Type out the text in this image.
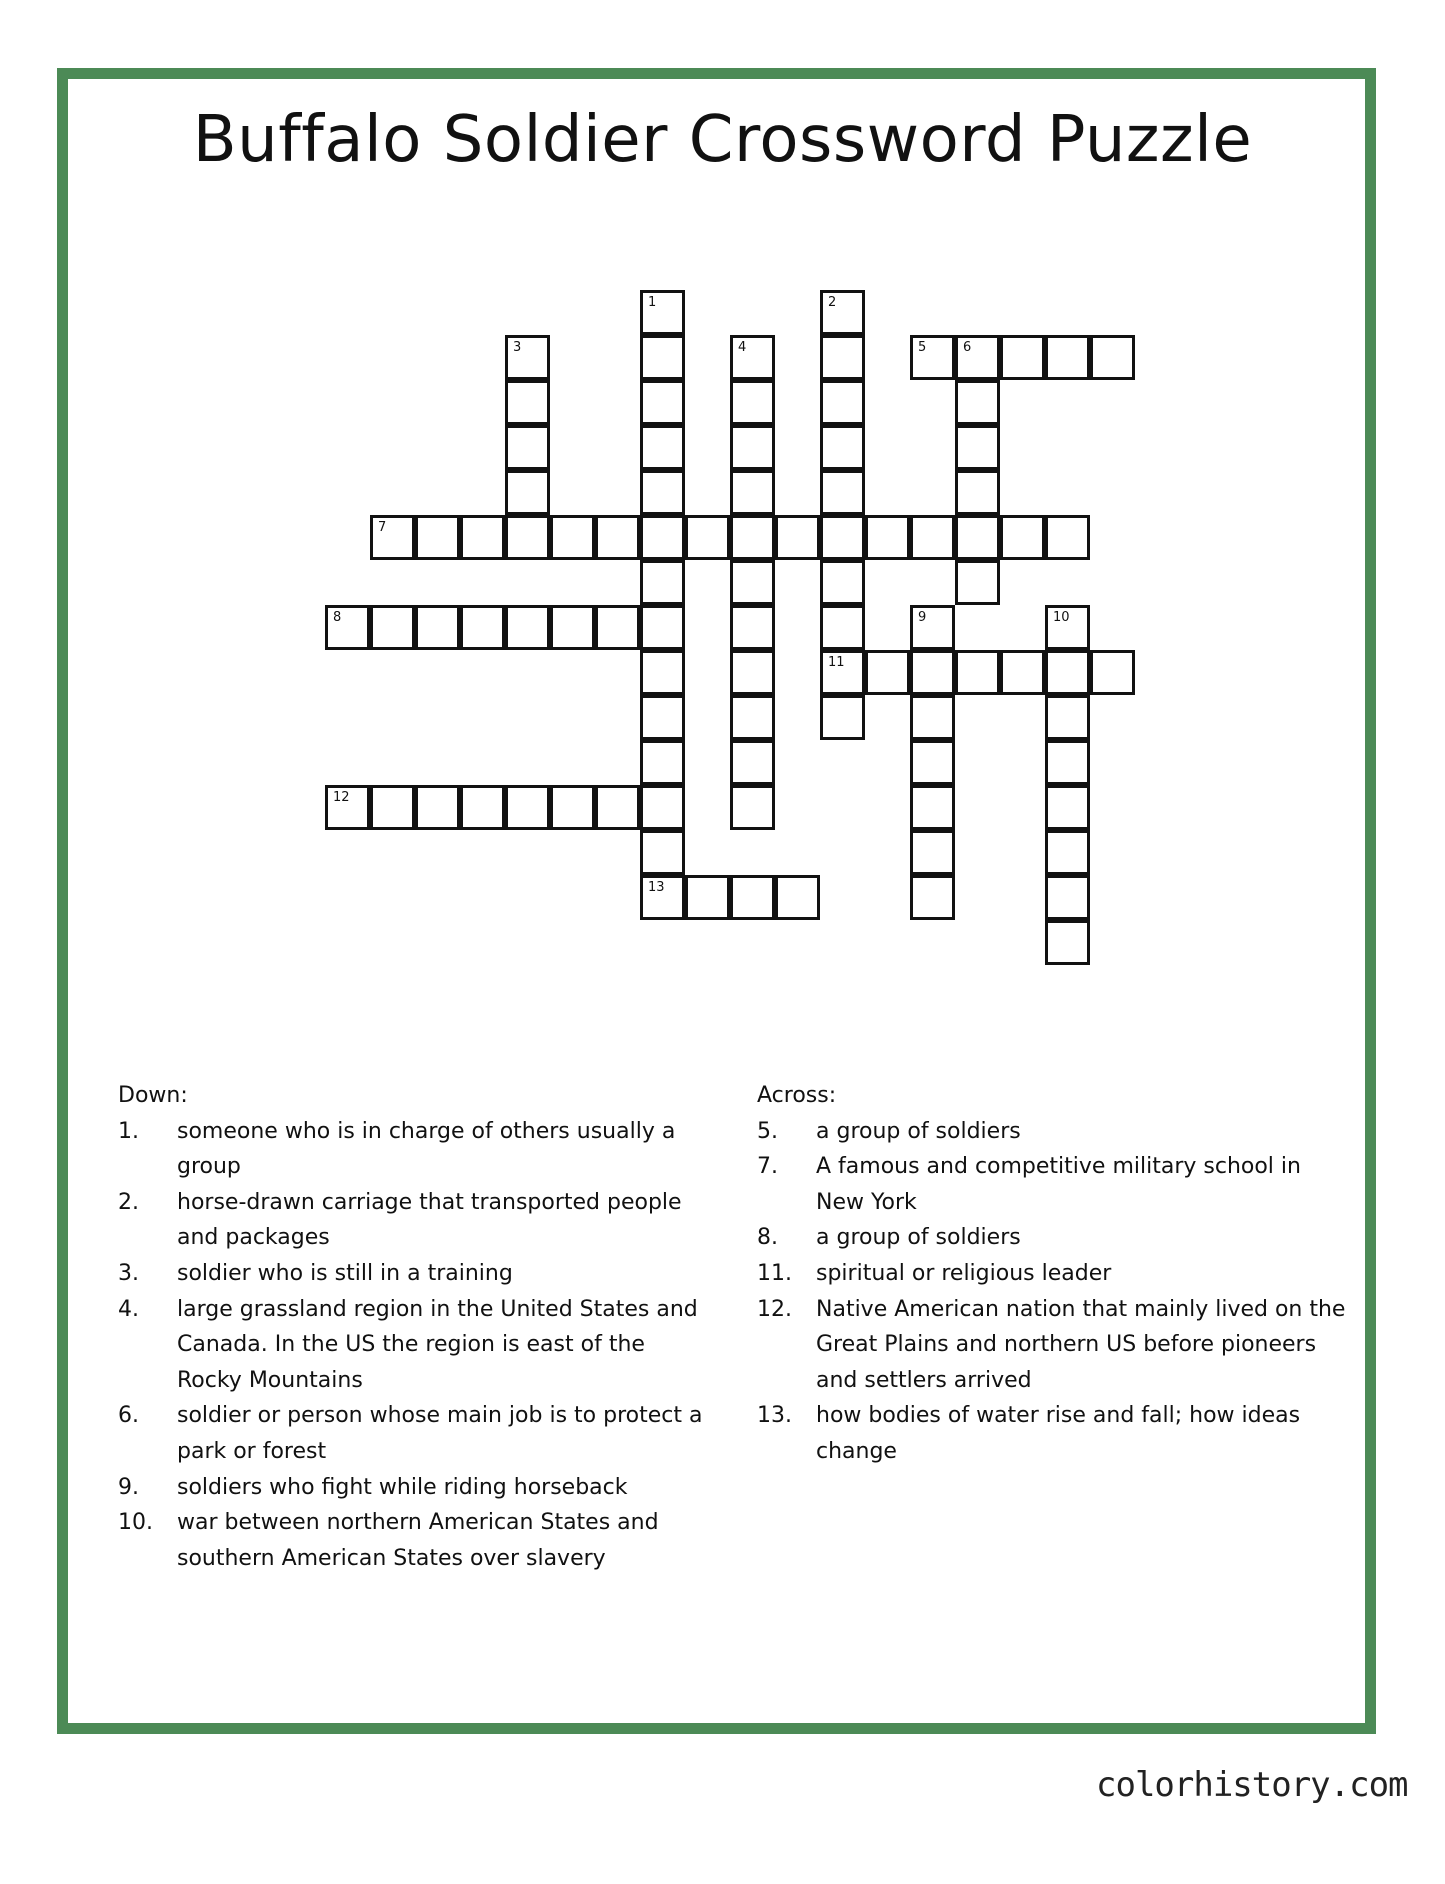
Buffalo Soldier Crossword Puzzle
1
13
2
11
3	4	5	6
7
8	9	10
12
Down:
1. someone who is in charge of others usually a group
2. horse-drawn carriage that transported people and packages
3. soldier who is still in a training
4. large grassland region in the United States and Canada. In the US the region is east of the Rocky Mountains
6. soldier or person whose main job is to protect a park or forest
9. soldiers who fight while riding horseback
10. war between northern American States and southern American States over slavery
Across:
5. a group of soldiers
7. A famous and competitive military school in New York
8. a group of soldiers
11. spiritual or religious leader
12. Native American nation that mainly lived on the Great Plains and northern US before pioneers and settlers arrived
13. how bodies of water rise and fall; how ideas change
colorhistory.com
